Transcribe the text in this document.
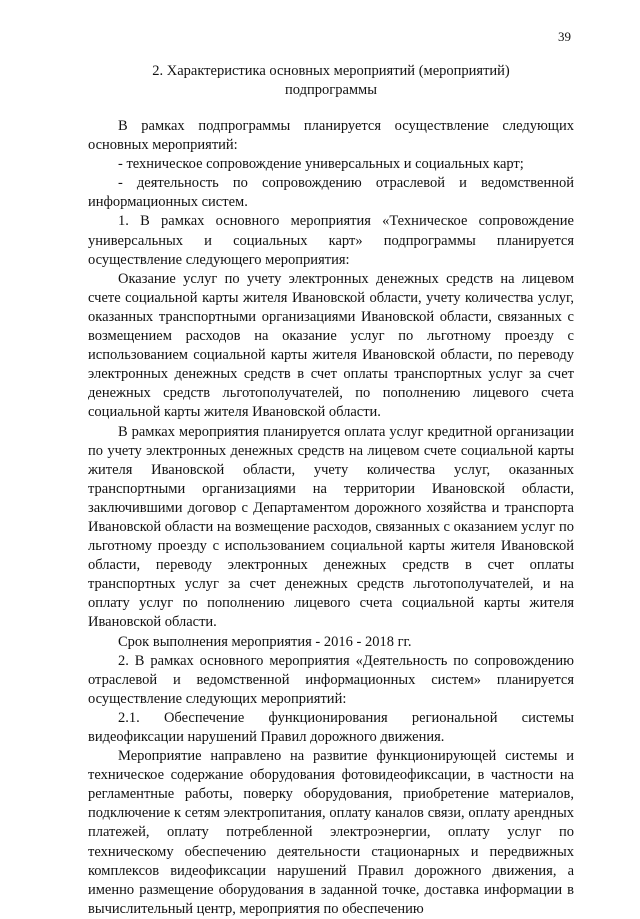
39
2. Характеристика основных мероприятий (мероприятий)
подпрограммы

В рамках подпрограммы планируется осуществление следующих основных мероприятий:

- техническое сопровождение универсальных и социальных карт;

- деятельность по сопровождению отраслевой и ведомственной информационных систем.

1. В рамках основного мероприятия «Техническое сопровождение универсальных и социальных карт» подпрограммы планируется осуществление следующего мероприятия:

Оказание услуг по учету электронных денежных средств на лицевом счете социальной карты жителя Ивановской области, учету количества услуг, оказанных транспортными организациями Ивановской области, связанных с возмещением расходов на оказание услуг по льготному проезду с использованием социальной карты жителя Ивановской области, по переводу электронных денежных средств в счет оплаты транспортных услуг за счет денежных средств льготополучателей, по пополнению лицевого счета социальной карты жителя Ивановской области.

В рамках мероприятия планируется оплата услуг кредитной организации по учету электронных денежных средств на лицевом счете социальной карты жителя Ивановской области, учету количества услуг, оказанных транспортными организациями на территории Ивановской области, заключившими договор с Департаментом дорожного хозяйства и транспорта Ивановской области на возмещение расходов, связанных с оказанием услуг по льготному проезду с использованием социальной карты жителя Ивановской области, переводу электронных денежных средств в счет оплаты транспортных услуг за счет денежных средств льготополучателей, и на оплату услуг по пополнению лицевого счета социальной карты жителя Ивановской области.

Срок выполнения мероприятия - 2016 - 2018 гг.

2. В рамках основного мероприятия «Деятельность по сопровождению отраслевой и ведомственной информационных систем» планируется осуществление следующих мероприятий:

2.1. Обеспечение функционирования региональной системы видеофиксации нарушений Правил дорожного движения.

Мероприятие направлено на развитие функционирующей системы и техническое содержание оборудования фотовидеофиксации, в частности на регламентные работы, поверку оборудования, приобретение материалов, подключение к сетям электропитания, оплату каналов связи, оплату арендных платежей, оплату потребленной электроэнергии, оплату услуг по техническому обеспечению деятельности стационарных и передвижных комплексов видеофиксации нарушений Правил дорожного движения, а именно размещение оборудования в заданной точке, доставка информации в вычислительный центр, мероприятия по обеспечению
